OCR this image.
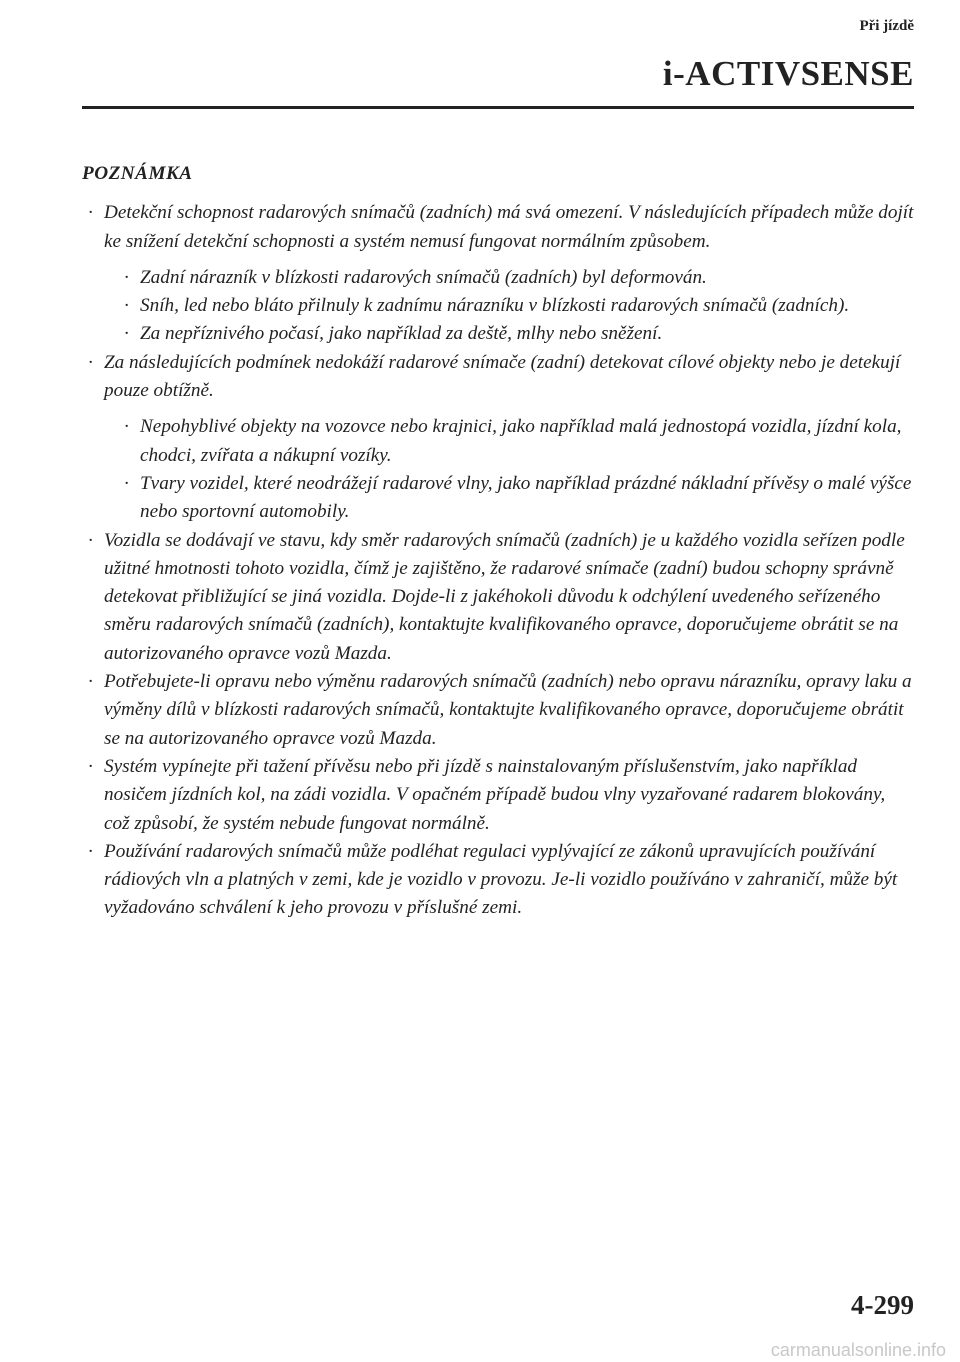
Při jízdě
i-ACTIVSENSE
POZNÁMKA
· Detekční schopnost radarových snímačů (zadních) má svá omezení. V následujících případech může dojít ke snížení detekční schopnosti a systém nemusí fungovat normálním způsobem.
· Zadní nárazník v blízkosti radarových snímačů (zadních) byl deformován.
· Sníh, led nebo bláto přilnuly k zadnímu nárazníku v blízkosti radarových snímačů (zadních).
· Za nepříznivého počasí, jako například za deště, mlhy nebo sněžení.
· Za následujících podmínek nedokáží radarové snímače (zadní) detekovat cílové objekty nebo je detekují pouze obtížně.
· Nepohyblivé objekty na vozovce nebo krajnici, jako například malá jednostopá vozidla, jízdní kola, chodci, zvířata a nákupní vozíky.
· Tvary vozidel, které neodrážejí radarové vlny, jako například prázdné nákladní přívěsy o malé výšce nebo sportovní automobily.
· Vozidla se dodávají ve stavu, kdy směr radarových snímačů (zadních) je u každého vozidla seřízen podle užitné hmotnosti tohoto vozidla, čímž je zajištěno, že radarové snímače (zadní) budou schopny správně detekovat přibližující se jiná vozidla. Dojde-li z jakéhokoli důvodu k odchýlení uvedeného seřízeného směru radarových snímačů (zadních), kontaktujte kvalifikovaného opravce, doporučujeme obrátit se na autorizovaného opravce vozů Mazda.
· Potřebujete-li opravu nebo výměnu radarových snímačů (zadních) nebo opravu nárazníku, opravy laku a výměny dílů v blízkosti radarových snímačů, kontaktujte kvalifikovaného opravce, doporučujeme obrátit se na autorizovaného opravce vozů Mazda.
· Systém vypínejte při tažení přívěsu nebo při jízdě s nainstalovaným příslušenstvím, jako například nosičem jízdních kol, na zádi vozidla. V opačném případě budou vlny vyzařované radarem blokovány, což způsobí, že systém nebude fungovat normálně.
· Používání radarových snímačů může podléhat regulaci vyplývající ze zákonů upravujících používání rádiových vln a platných v zemi, kde je vozidlo v provozu. Je-li vozidlo používáno v zahraničí, může být vyžadováno schválení k jeho provozu v příslušné zemi.
4-299
carmanualsonline.info
